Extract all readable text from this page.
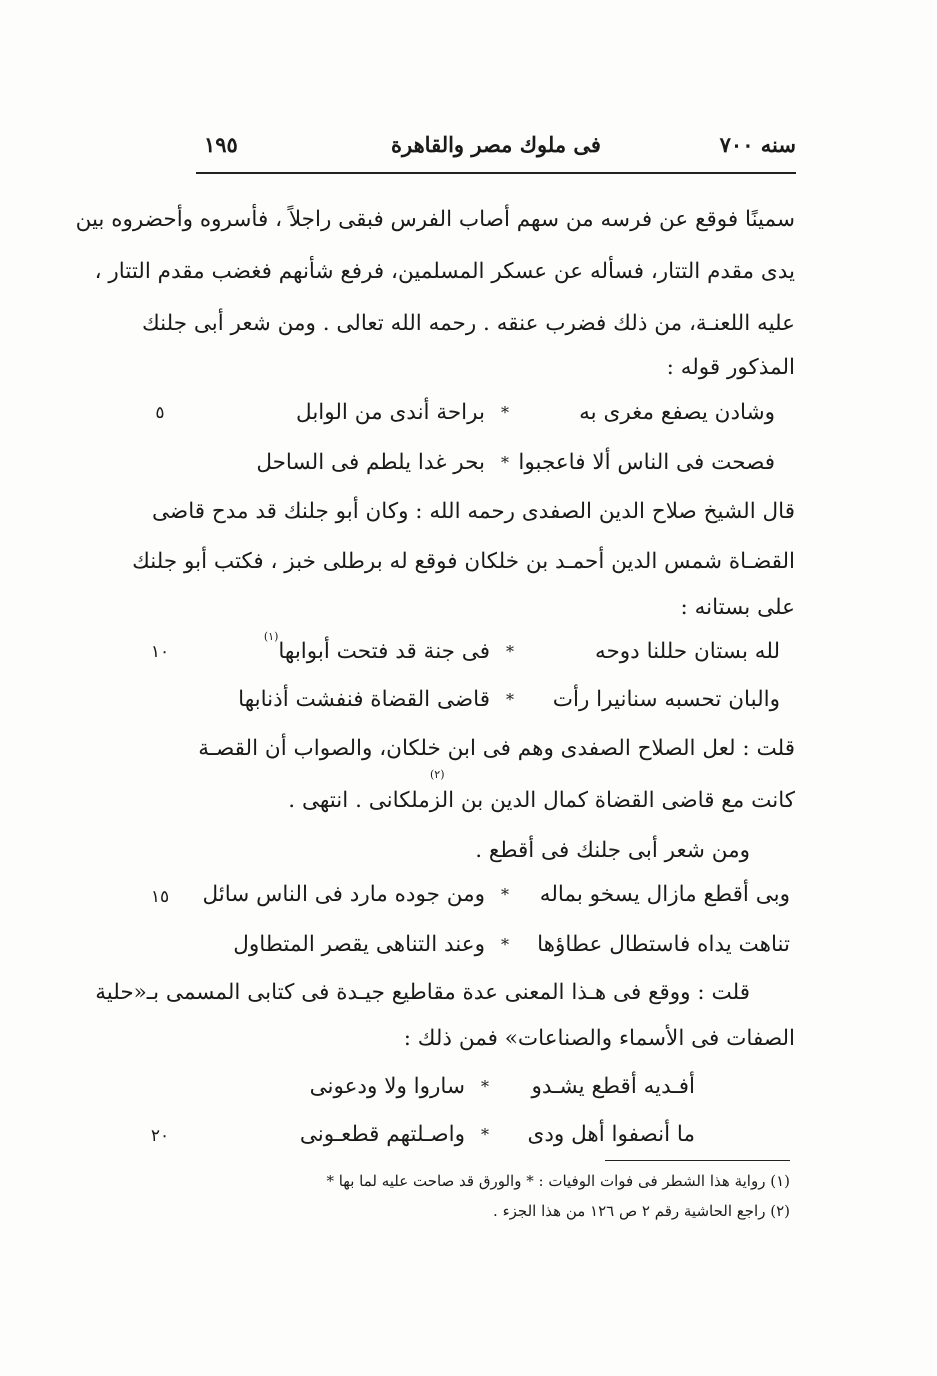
سنه ٧٠٠
فى ملوك مصر والقاهرة
١٩٥
سمينًا فوقع عن فرسه من سهم أصاب الفرس فبقى راجلاً ، فأسروه وأحضروه بين
يدى مقدم التتار، فسأله عن عسكر المسلمين، فرفع شأنهم فغضب مقدم التتار ،
عليه اللعنـة، من ذلك فضرب عنقه . رحمه الله تعالى . ومن شعر أبى جلنك
المذكور قوله :
وشادن يصفع مغرى به
*
براحة أندى من الوابل
فصحت فى الناس ألا فاعجبوا
*
بحر غدا يلطم فى الساحل
٥
قال الشيخ صلاح الدين الصفدى رحمه الله : وكان أبو جلنك قد مدح قاضى
القضـاة شمس الدين أحمـد بن خلكان فوقع له برطلى خبز ، فكتب أبو جلنك
على بستانه :
لله بستان حللنا دوحه
*
فى جنة قد فتحت أبوابها$^{(١)}$
والبان تحسبه سنانيرا رأت
*
قاضى القضاة فنفشت أذنابها
١٠
قلت : لعل الصلاح الصفدى وهم فى ابن خلكان، والصواب أن القصـة
كانت مع قاضى القضاة كمال الدين بن الزملكانى . انتهى .
(٢)
ومن شعر أبى جلنك فى أقطع .
وبى أقطع مازال يسخو بماله
*
ومن جوده مارد فى الناس سائل
تناهت يداه فاستطال عطاؤها
*
وعند التناهى يقصر المتطاول
١٥
قلت : ووقع فى هـذا المعنى عدة مقاطيع جيـدة فى كتابى المسمى بـ«حلية
الصفات فى الأسماء والصناعات» فمن ذلك :
أفـديه أقطع يشـدو
*
ساروا ولا ودعونى
ما أنصفوا أهل ودى
*
واصـلتهم قطعـونى
٢٠
(١) رواية هذا الشطر فى فوات الوفيات : * والورق قد صاحت عليه لما بها *
(٢) راجع الحاشية رقم ٢ ص ١٢٦ من هذا الجزء .
